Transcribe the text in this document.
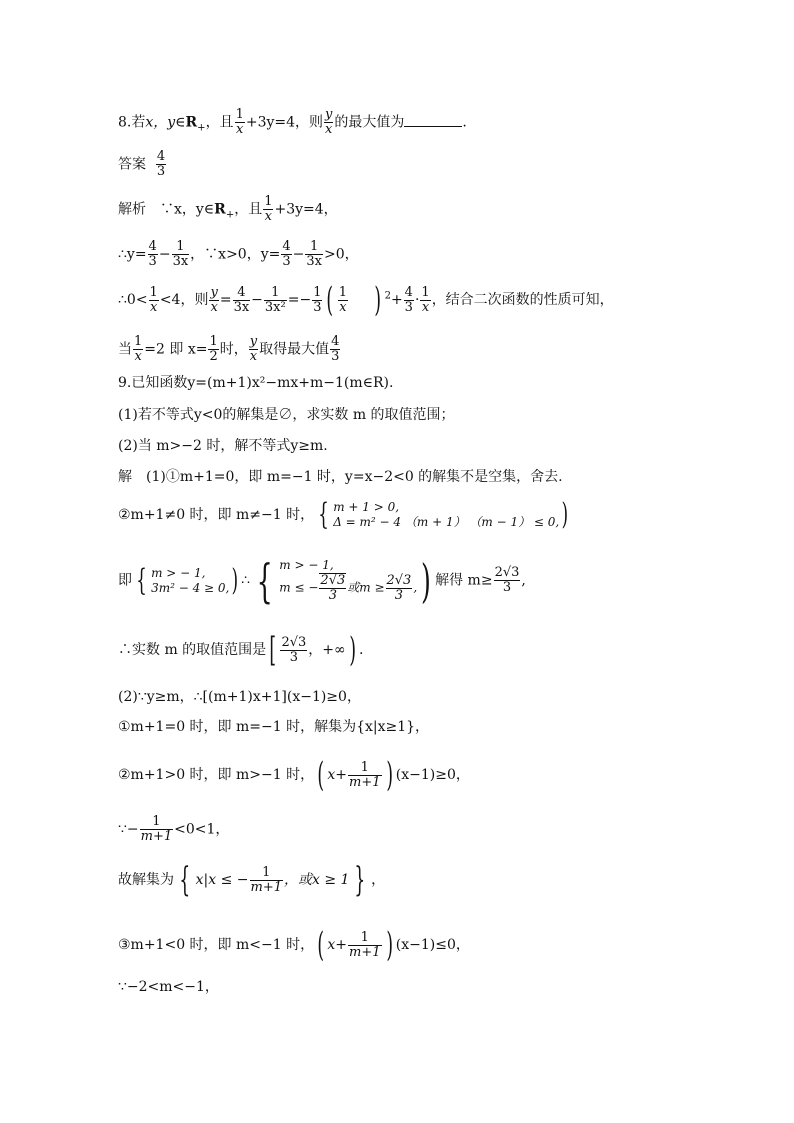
8.若x，$y\in R_+$，且 $\frac{1}{x} +3y=4$，则 $\frac{y}{x}$ 的最大值为	.
答案 $\frac{4}{3}$
解析　∵x，$y\in R_+$，且 $\frac{1}{x} +3y=4$，
∴y= $\frac{4}{3} - \frac{1}{3x}$ ，∵x>0，$y= \frac{4}{3} - \frac{1}{3x} >0$，
∴0< $\frac{1}{x} <4$，则 $\frac{y}{x} = \frac{4}{3x} - \frac{1}{\text{3x²}} =- \frac{1}{3}$ ( $\frac{1}{x}$ ) $^2+ \frac{4}{3} \cdot \frac{1}{x}$ ，结合二次函数的性质可知，
当 $\frac{1}{x} =2$ 即 $x= \frac{1}{2}$ 时， $\frac{y}{x}$ 取得最大值 $\frac{4}{3}$
9.已知函数y=(m+1)x²−mx+m−1(m∈R).
(1)若不等式y<0的解集是∅，求实数 m 的取值范围；
(2)当 m>−2 时，解不等式y≥m.
解　(1)①m+1=0，即 m=−1 时，y=x−2<0 的解集不是空集，舍去.
②m+1≠0 时，即 m≠−1 时， { m + 1 > 0,
Δ = m² − 4 （m + 1） （m − 1） ≤ 0, )
即 { m > − 1,
3m² − 4 ≥ 0, ) ∴ { m > − 1,
m ≤ − $\frac{2√3}{3}$ 或$m \ge \frac{2√3}{3}$ , ) 解得 $m\ge \frac{2√3}{3}$ ,
∴实数 m 的取值范围是[ $\frac{2√3}{3}$ ，+∞) .
(2)∵y≥m，∴[(m+1)x+1](x−1)≥0，
①m+1=0 时，即 m=−1 时，解集为{x|x≥1}，
②m+1>0 时，即 m>−1 时，( $x+ \frac{1}{m+1}$ ) (x−1)≥0，
∵− $\frac{1}{m+1} <0<1$，
故解集为 { x|x ≤ − $\frac{1}{m+1}$ ，或x ≥ 1 } ，
③m+1<0 时，即 m<−1 时，( $x+ \frac{1}{m+1}$ ) (x−1)≤0，
∵−2<m<−1，
